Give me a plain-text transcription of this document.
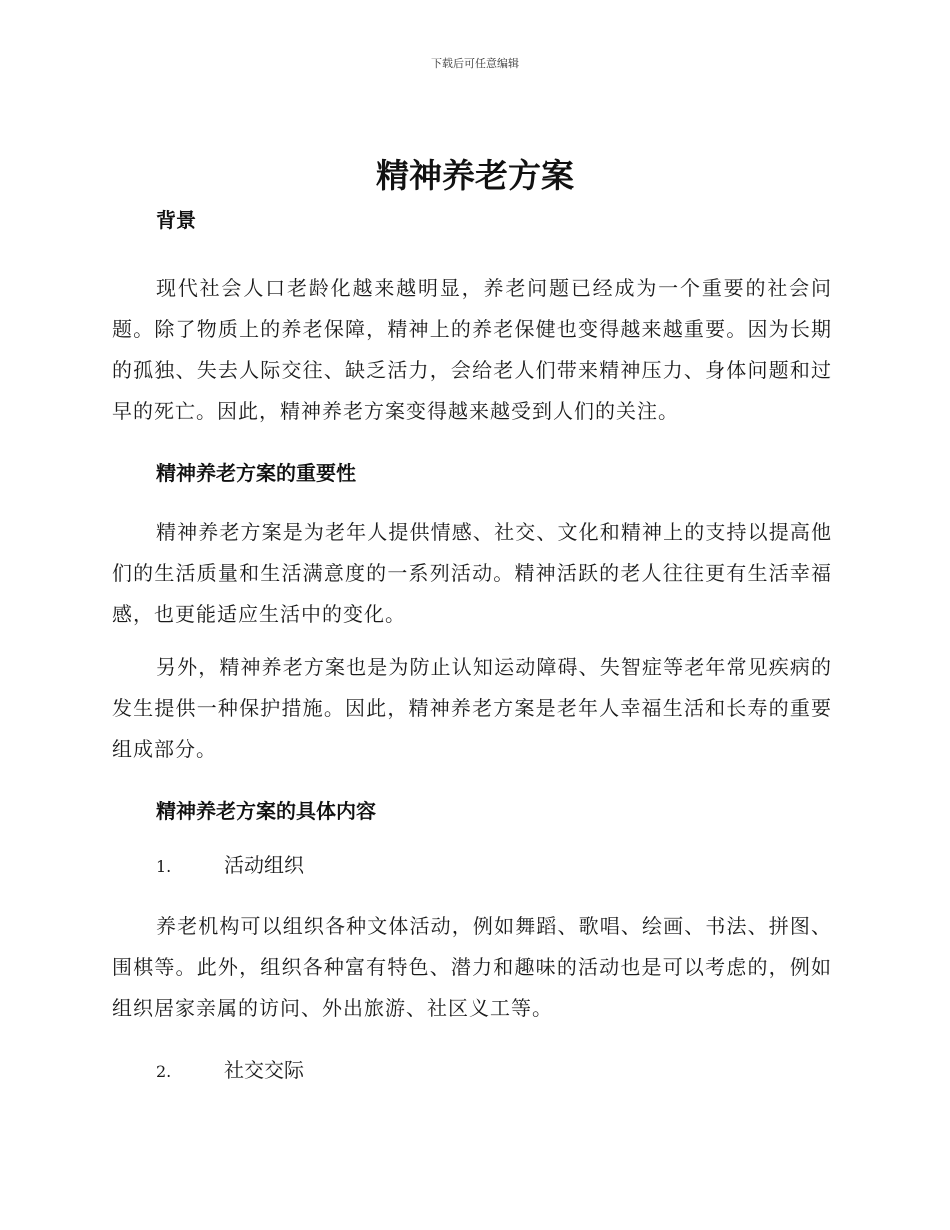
下载后可任意编辑
精神养老方案
背景

现代社会人口老龄化越来越明显，养老问题已经成为一个重要的社会问题。除了物质上的养老保障，精神上的养老保健也变得越来越重要。因为长期的孤独、失去人际交往、缺乏活力，会给老人们带来精神压力、身体问题和过早的死亡。因此，精神养老方案变得越来越受到人们的关注。

精神养老方案的重要性

精神养老方案是为老年人提供情感、社交、文化和精神上的支持以提高他们的生活质量和生活满意度的一系列活动。精神活跃的老人往往更有生活幸福感，也更能适应生活中的变化。

另外，精神养老方案也是为防止认知运动障碍、失智症等老年常见疾病的发生提供一种保护措施。因此，精神养老方案是老年人幸福生活和长寿的重要组成部分。

精神养老方案的具体内容
1.	活动组织

养老机构可以组织各种文体活动，例如舞蹈、歌唱、绘画、书法、拼图、围棋等。此外，组织各种富有特色、潜力和趣味的活动也是可以考虑的，例如组织居家亲属的访问、外出旅游、社区义工等。

2.	社交交际
